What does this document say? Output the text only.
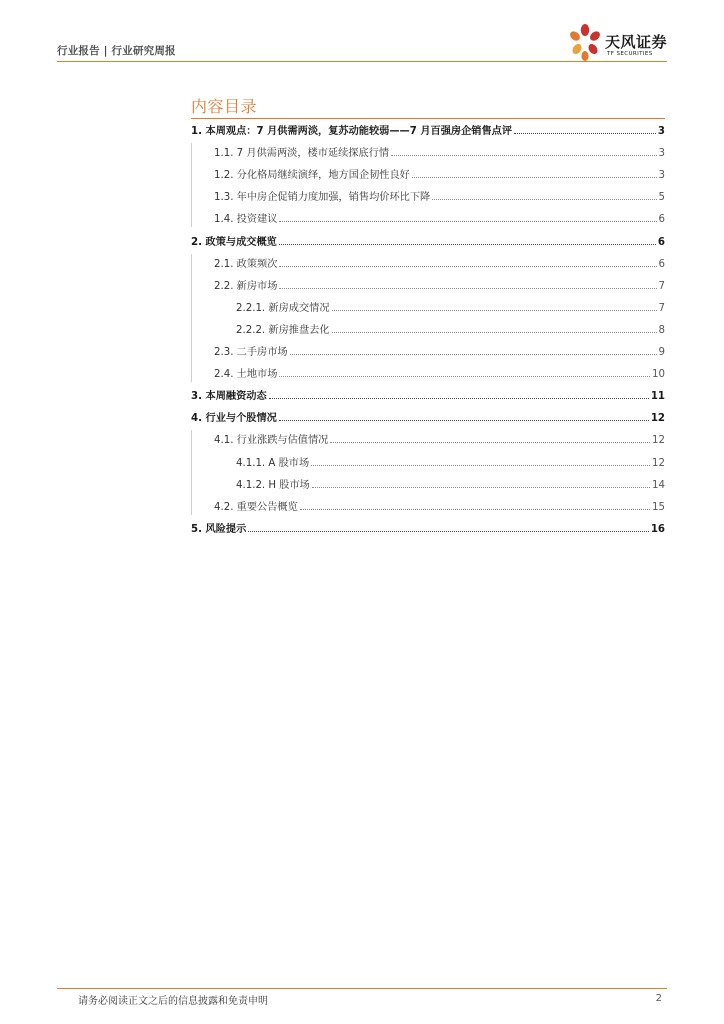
行业报告 | 行业研究周报	天风证券
TF SECURITIES
内容目录
1. 本周观点：7 月供需两淡，复苏动能较弱——7 月百强房企销售点评	3
1.1. 7 月供需两淡，楼市延续探底行情	3
1.2. 分化格局继续演绎，地方国企韧性良好	3
1.3. 年中房企促销力度加强，销售均价环比下降	5
1.4. 投资建议	6
2. 政策与成交概览	6
2.1. 政策频次	6
2.2. 新房市场	7
2.2.1. 新房成交情况	7
2.2.2. 新房推盘去化	8
2.3. 二手房市场	9
2.4. 土地市场	10
3. 本周融资动态	11
4. 行业与个股情况	12
4.1. 行业涨跌与估值情况	12
4.1.1. A 股市场	12
4.1.2. H 股市场	14
4.2. 重要公告概览	15
5. 风险提示	16
请务必阅读正文之后的信息披露和免责申明	2
